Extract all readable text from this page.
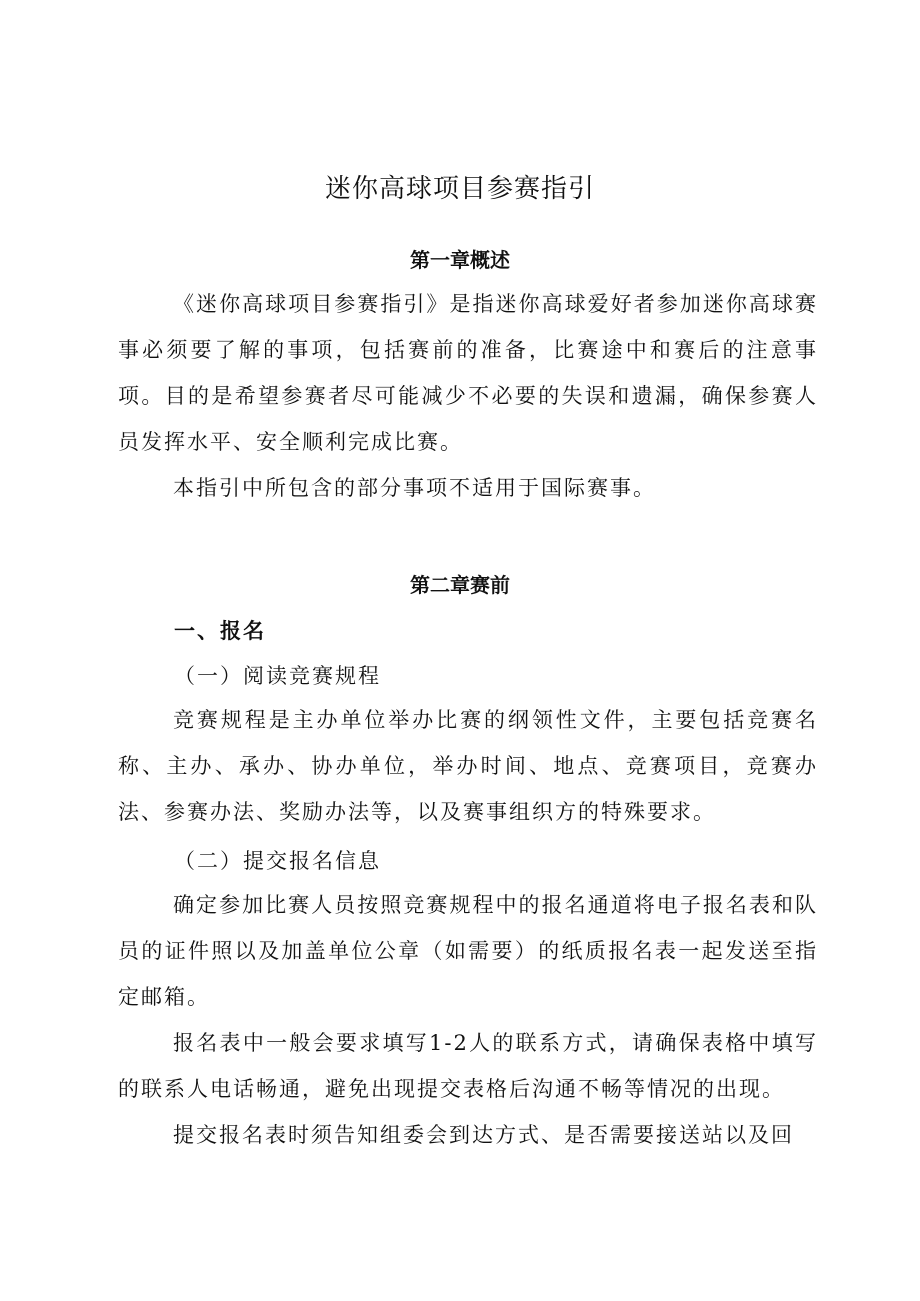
迷你高球项目参赛指引
第一章概述
《迷你高球项目参赛指引》是指迷你高球爱好者参加迷你高球赛事必须要了解的事项，包括赛前的准备，比赛途中和赛后的注意事项。目的是希望参赛者尽可能减少不必要的失误和遗漏，确保参赛人员发挥水平、安全顺利完成比赛。
本指引中所包含的部分事项不适用于国际赛事。
第二章赛前
一、报名
（一）阅读竞赛规程
竞赛规程是主办单位举办比赛的纲领性文件，主要包括竞赛名称、主办、承办、协办单位，举办时间、地点、竞赛项目，竞赛办法、参赛办法、奖励办法等，以及赛事组织方的特殊要求。
（二）提交报名信息
确定参加比赛人员按照竞赛规程中的报名通道将电子报名表和队员的证件照以及加盖单位公章（如需要）的纸质报名表一起发送至指定邮箱。
报名表中一般会要求填写1-2人的联系方式，请确保表格中填写的联系人电话畅通，避免出现提交表格后沟通不畅等情况的出现。
提交报名表时须告知组委会到达方式、是否需要接送站以及回
